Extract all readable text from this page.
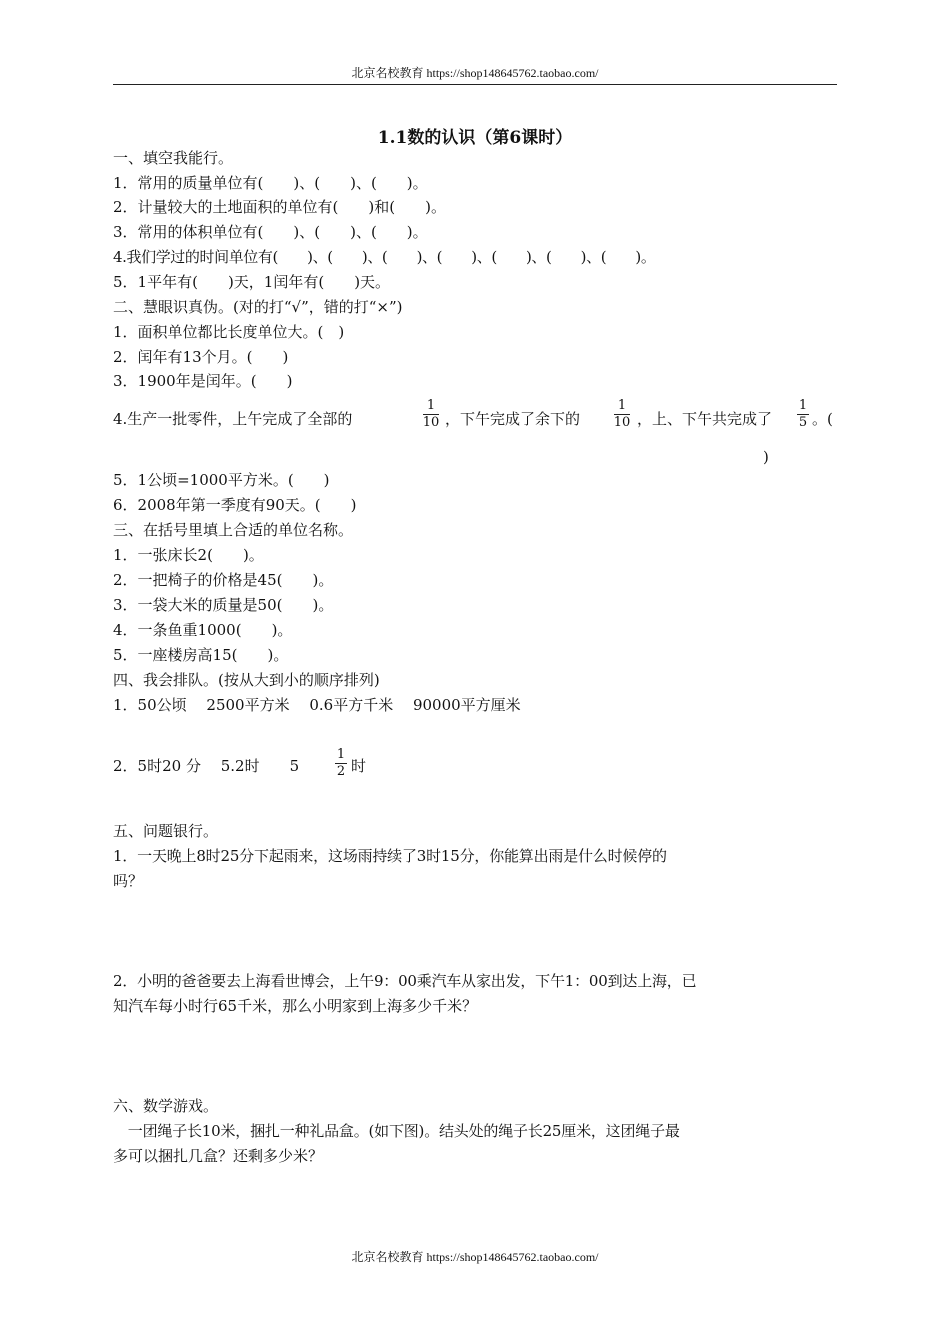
北京名校教育 https://shop148645762.taobao.com/
1.1数的认识（第6课时）
一、填空我能行。
1．常用的质量单位有(　　)、(　　)、(　　)。
2．计量较大的土地面积的单位有(　　)和(　　)。
3．常用的体积单位有(　　)、(　　)、(　　)。
4.我们学过的时间单位有(　　)、(　　)、(　　)、(　　)、(　　)、(　　)、(　　)。
5．1平年有(　　)天，1闰年有(　　)天。
二、慧眼识真伪。(对的打“√”，错的打“×”)
1．面积单位都比长度单位大。(　)
2．闰年有13个月。(　　)
3．1900年是闰年。(　　)
4.生产一批零件，上午完成了全部的
1
10 ，下午完成了余下的
1
10 ，上、下午共完成了
1
5 。(
)
5．1公顷=1000平方米。(　　)
6．2008年第一季度有90天。(　　)
三、在括号里填上合适的单位名称。
1．一张床长2(　　)。
2．一把椅子的价格是45(　　)。
3．一袋大米的质量是50(　　)。
4．一条鱼重1000(　　)。
5．一座楼房高15(　　)。
四、我会排队。(按从大到小的顺序排列)
1．50公顷　 2500平方米　 0.6平方千米　 90000平方厘米
2．5时20 分　 5.2时　　5
1
2 时
五、问题银行。
1．一天晚上8时25分下起雨来，这场雨持续了3时15分，你能算出雨是什么时候停的
吗？
2．小明的爸爸要去上海看世博会，上午9：00乘汽车从家出发，下午1：00到达上海，已
知汽车每小时行65千米，那么小明家到上海多少千米？
六、数学游戏。
　一团绳子长10米，捆扎一种礼品盒。(如下图)。结头处的绳子长25厘米，这团绳子最
多可以捆扎几盒？还剩多少米？
北京名校教育 https://shop148645762.taobao.com/
